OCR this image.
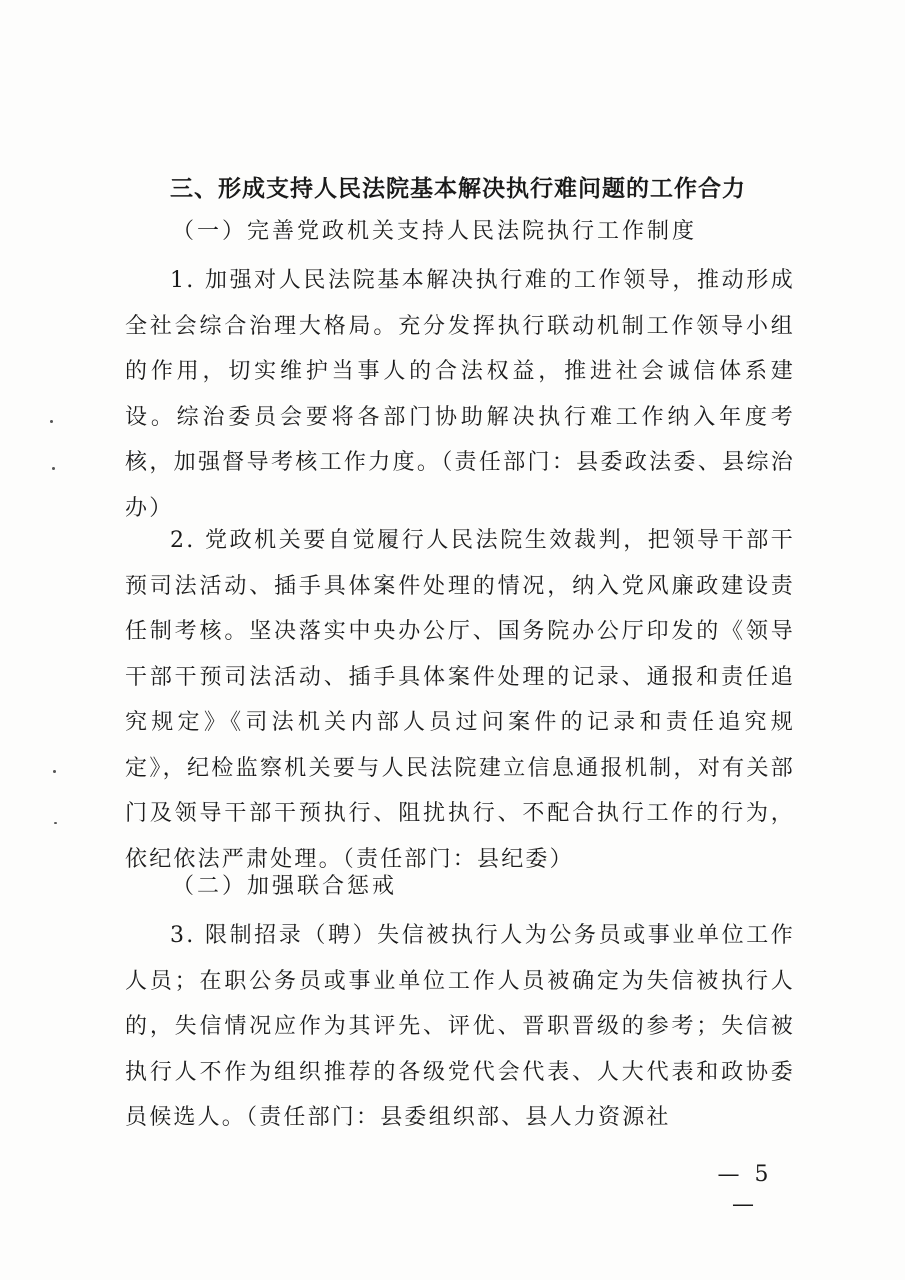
三、形成支持人民法院基本解决执行难问题的工作合力
（一）完善党政机关支持人民法院执行工作制度
1. 加强对人民法院基本解决执行难的工作领导，推动形成全社会综合治理大格局。充分发挥执行联动机制工作领导小组的作用，切实维护当事人的合法权益，推进社会诚信体系建设。综治委员会要将各部门协助解决执行难工作纳入年度考核，加强督导考核工作力度。（责任部门：县委政法委、县综治办）
2. 党政机关要自觉履行人民法院生效裁判，把领导干部干预司法活动、插手具体案件处理的情况，纳入党风廉政建设责任制考核。坚决落实中央办公厅、国务院办公厅印发的《领导干部干预司法活动、插手具体案件处理的记录、通报和责任追究规定》《司法机关内部人员过问案件的记录和责任追究规定》，纪检监察机关要与人民法院建立信息通报机制，对有关部门及领导干部干预执行、阻扰执行、不配合执行工作的行为，依纪依法严肃处理。（责任部门：县纪委）
（二）加强联合惩戒
3. 限制招录（聘）失信被执行人为公务员或事业单位工作人员；在职公务员或事业单位工作人员被确定为失信被执行人的，失信情况应作为其评先、评优、晋职晋级的参考；失信被执行人不作为组织推荐的各级党代会代表、人大代表和政协委员候选人。（责任部门：县委组织部、县人力资源社
— 5 —
